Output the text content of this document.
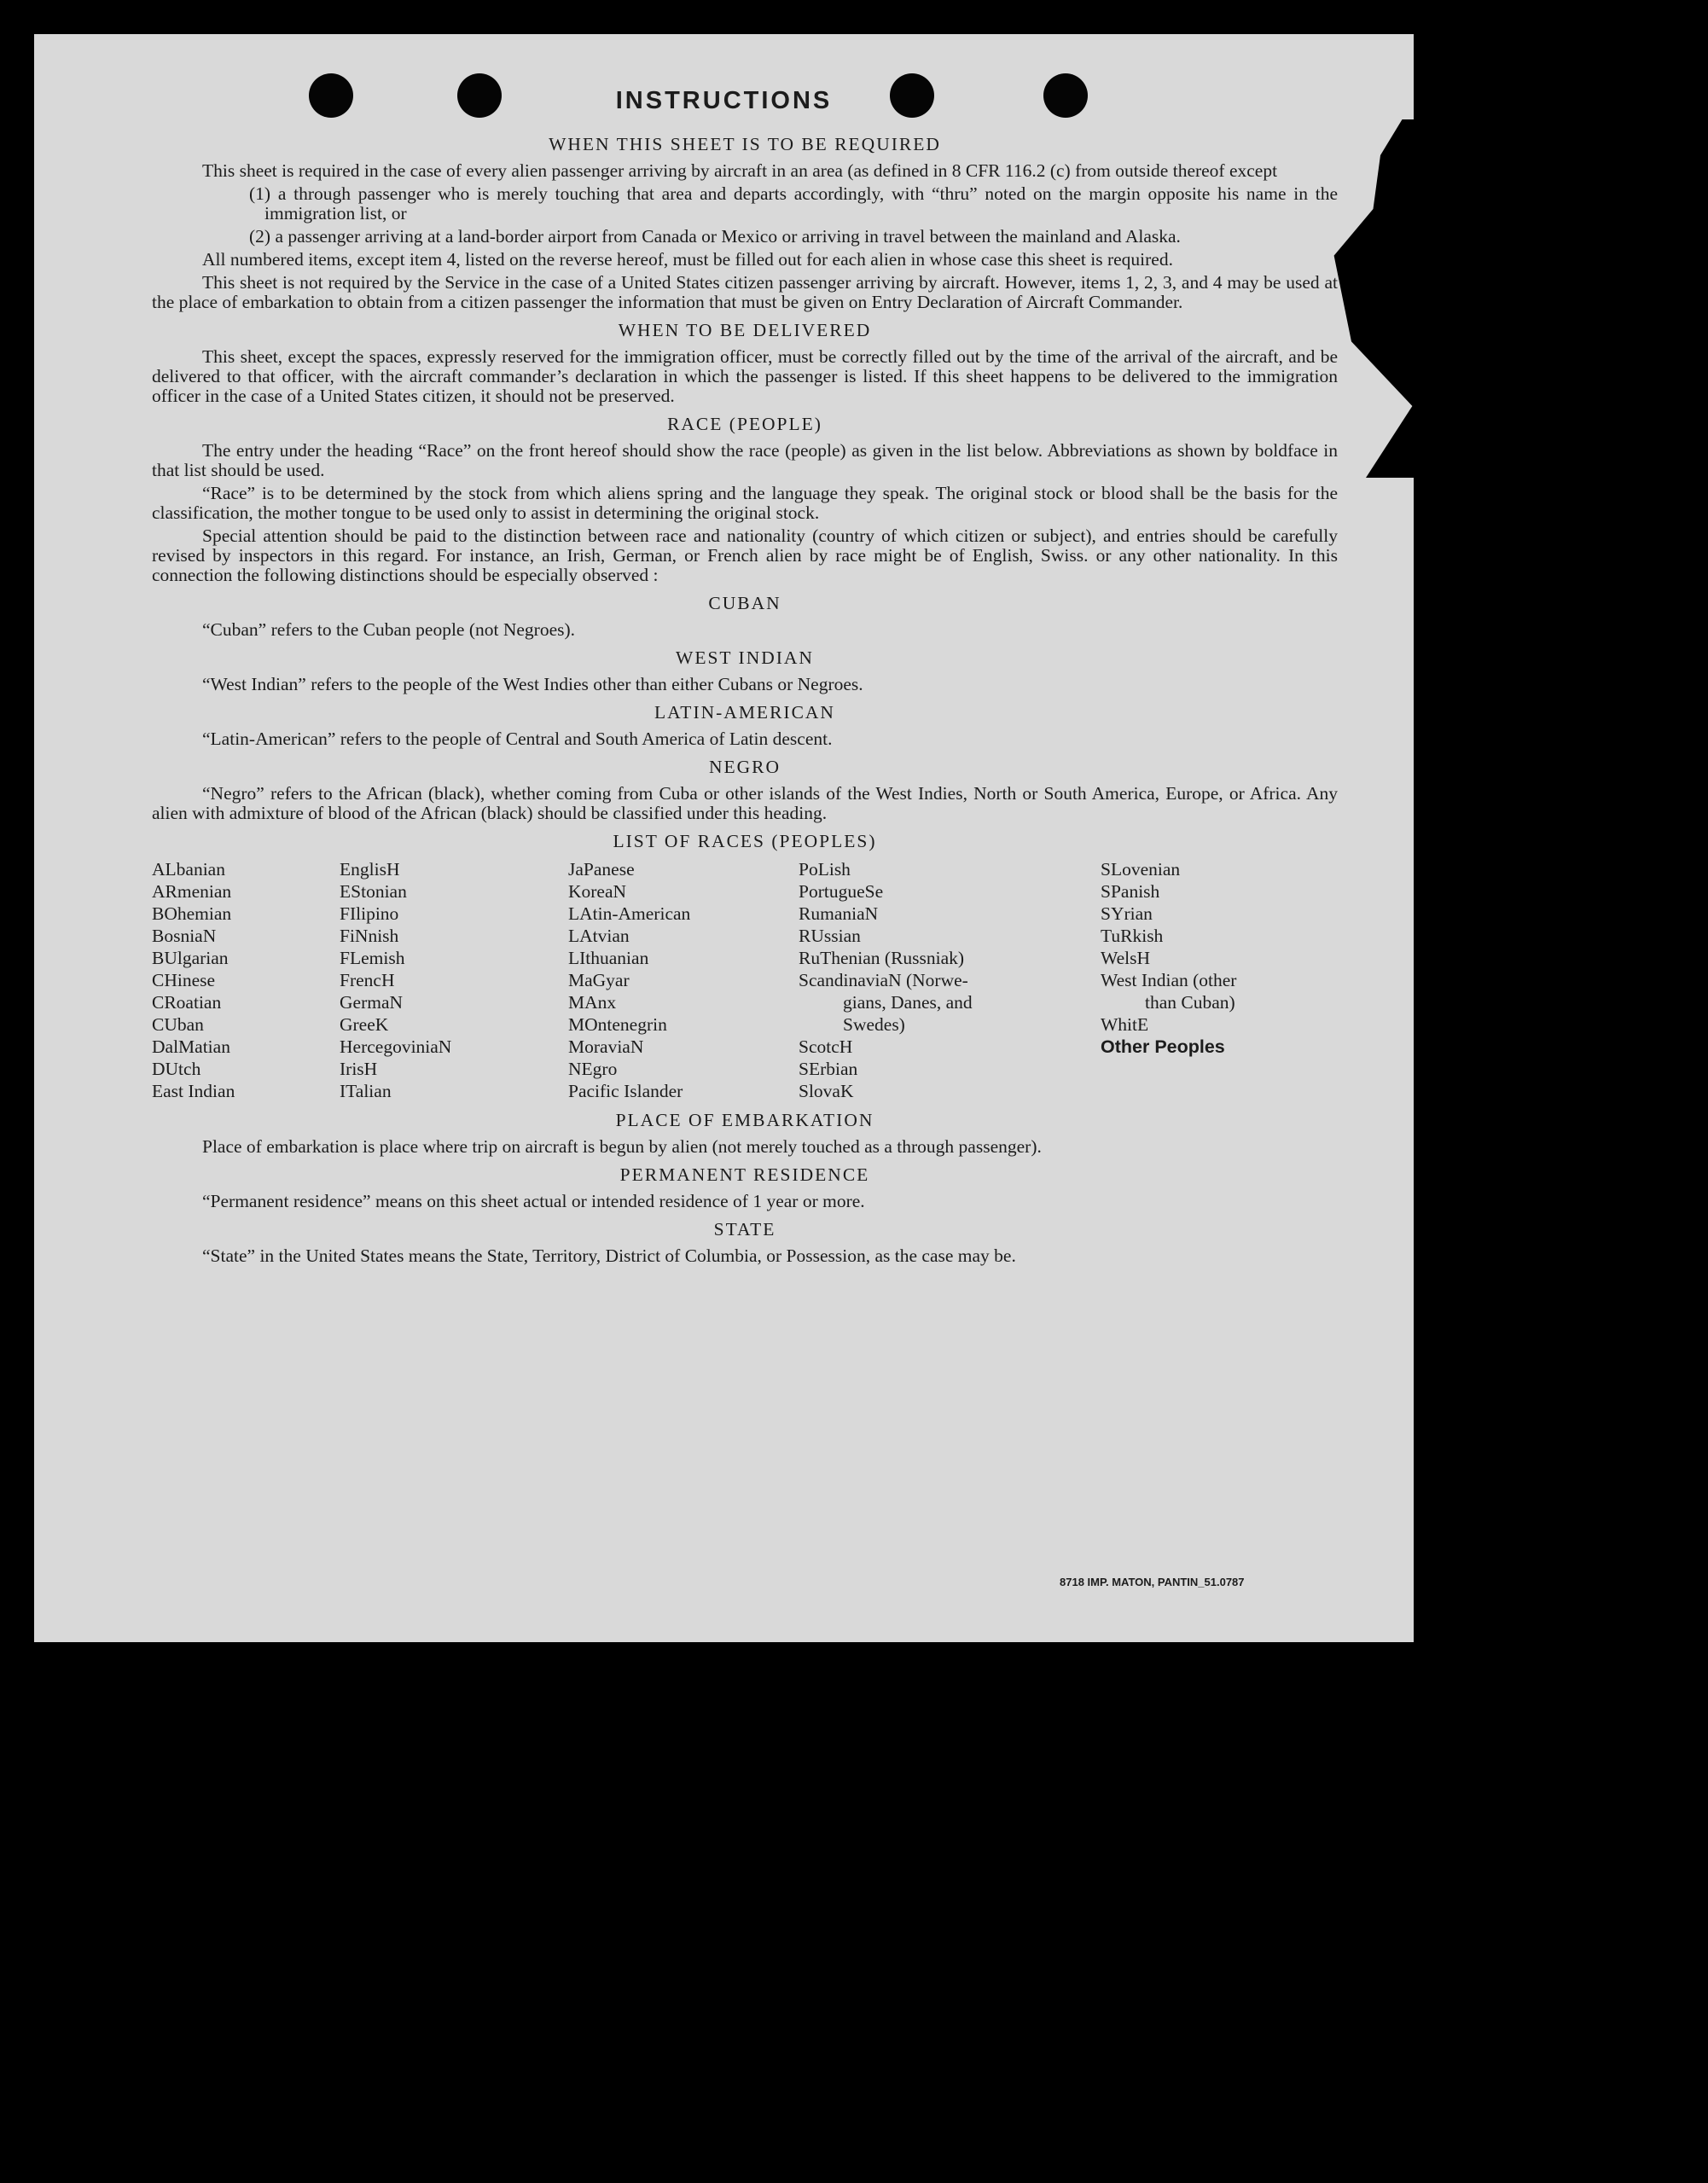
INSTRUCTIONS

WHEN THIS SHEET IS TO BE REQUIRED

This sheet is required in the case of every alien passenger arriving by aircraft in an area (as defined in 8 CFR 116.2 (c) from outside thereof except

(1) a through passenger who is merely touching that area and departs accordingly, with “thru” noted on the margin opposite his name in the immigration list, or

(2) a passenger arriving at a land-border airport from Canada or Mexico or arriving in travel between the mainland and Alaska.

All numbered items, except item 4, listed on the reverse hereof, must be filled out for each alien in whose case this sheet is required.

This sheet is not required by the Service in the case of a United States citizen passenger arriving by aircraft. However, items 1, 2, 3, and 4 may be used at the place of embarkation to obtain from a citizen passenger the information that must be given on Entry Declaration of Aircraft Commander.

WHEN TO BE DELIVERED

This sheet, except the spaces, expressly reserved for the immigration officer, must be correctly filled out by the time of the arrival of the aircraft, and be delivered to that officer, with the aircraft commander’s declaration in which the passenger is listed. If this sheet happens to be delivered to the immigration officer in the case of a United States citizen, it should not be preserved.

RACE (PEOPLE)

The entry under the heading “Race” on the front hereof should show the race (people) as given in the list below. Abbreviations as shown by boldface in that list should be used.

“Race” is to be determined by the stock from which aliens spring and the language they speak. The original stock or blood shall be the basis for the classification, the mother tongue to be used only to assist in determining the original stock.

Special attention should be paid to the distinction between race and nationality (country of which citizen or subject), and entries should be carefully revised by inspectors in this regard. For instance, an Irish, German, or French alien by race might be of English, Swiss. or any other nationality. In this connection the following distinctions should be especially observed :

CUBAN

“Cuban” refers to the Cuban people (not Negroes).

WEST INDIAN

“West Indian” refers to the people of the West Indies other than either Cubans or Negroes.

LATIN-AMERICAN

“Latin-American” refers to the people of Central and South America of Latin descent.

NEGRO

“Negro” refers to the African (black), whether coming from Cuba or other islands of the West Indies, North or South America, Europe, or Africa. Any alien with admixture of blood of the African (black) should be classified under this heading.

LIST OF RACES (PEOPLES)

ALbanian
ARmenian
BOhemian
BosniaN
BUlgarian
CHinese
CRoatian
CUban
DalMatian
DUtch
East Indian
EnglisH
EStonian
FIlipino
FiNnish
FLemish
FrencH
GermaN
GreeK
HercegoviniaN
IrisH
ITalian
JaPanese
KoreaN
LAtin-American
LAtvian
LIthuanian
MaGyar
MAnx
MOntenegrin
MoraviaN
NEgro
Pacific Islander
PoLish
PortugueSe
RumaniaN
RUssian
RuThenian (Russniak)
ScandinaviaN (Norwe-
gians, Danes, and
Swedes)
ScotcH
SErbian
SlovaK
SLovenian
SPanish
SYrian
TuRkish
WelsH
West Indian (other
than Cuban)
WhitE
Other Peoples

PLACE OF EMBARKATION

Place of embarkation is place where trip on aircraft is begun by alien (not merely touched as a through passenger).

PERMANENT RESIDENCE

“Permanent residence” means on this sheet actual or intended residence of 1 year or more.

STATE

“State” in the United States means the State, Territory, District of Columbia, or Possession, as the case may be.

8718 IMP. MATON, PANTIN_51.0787
